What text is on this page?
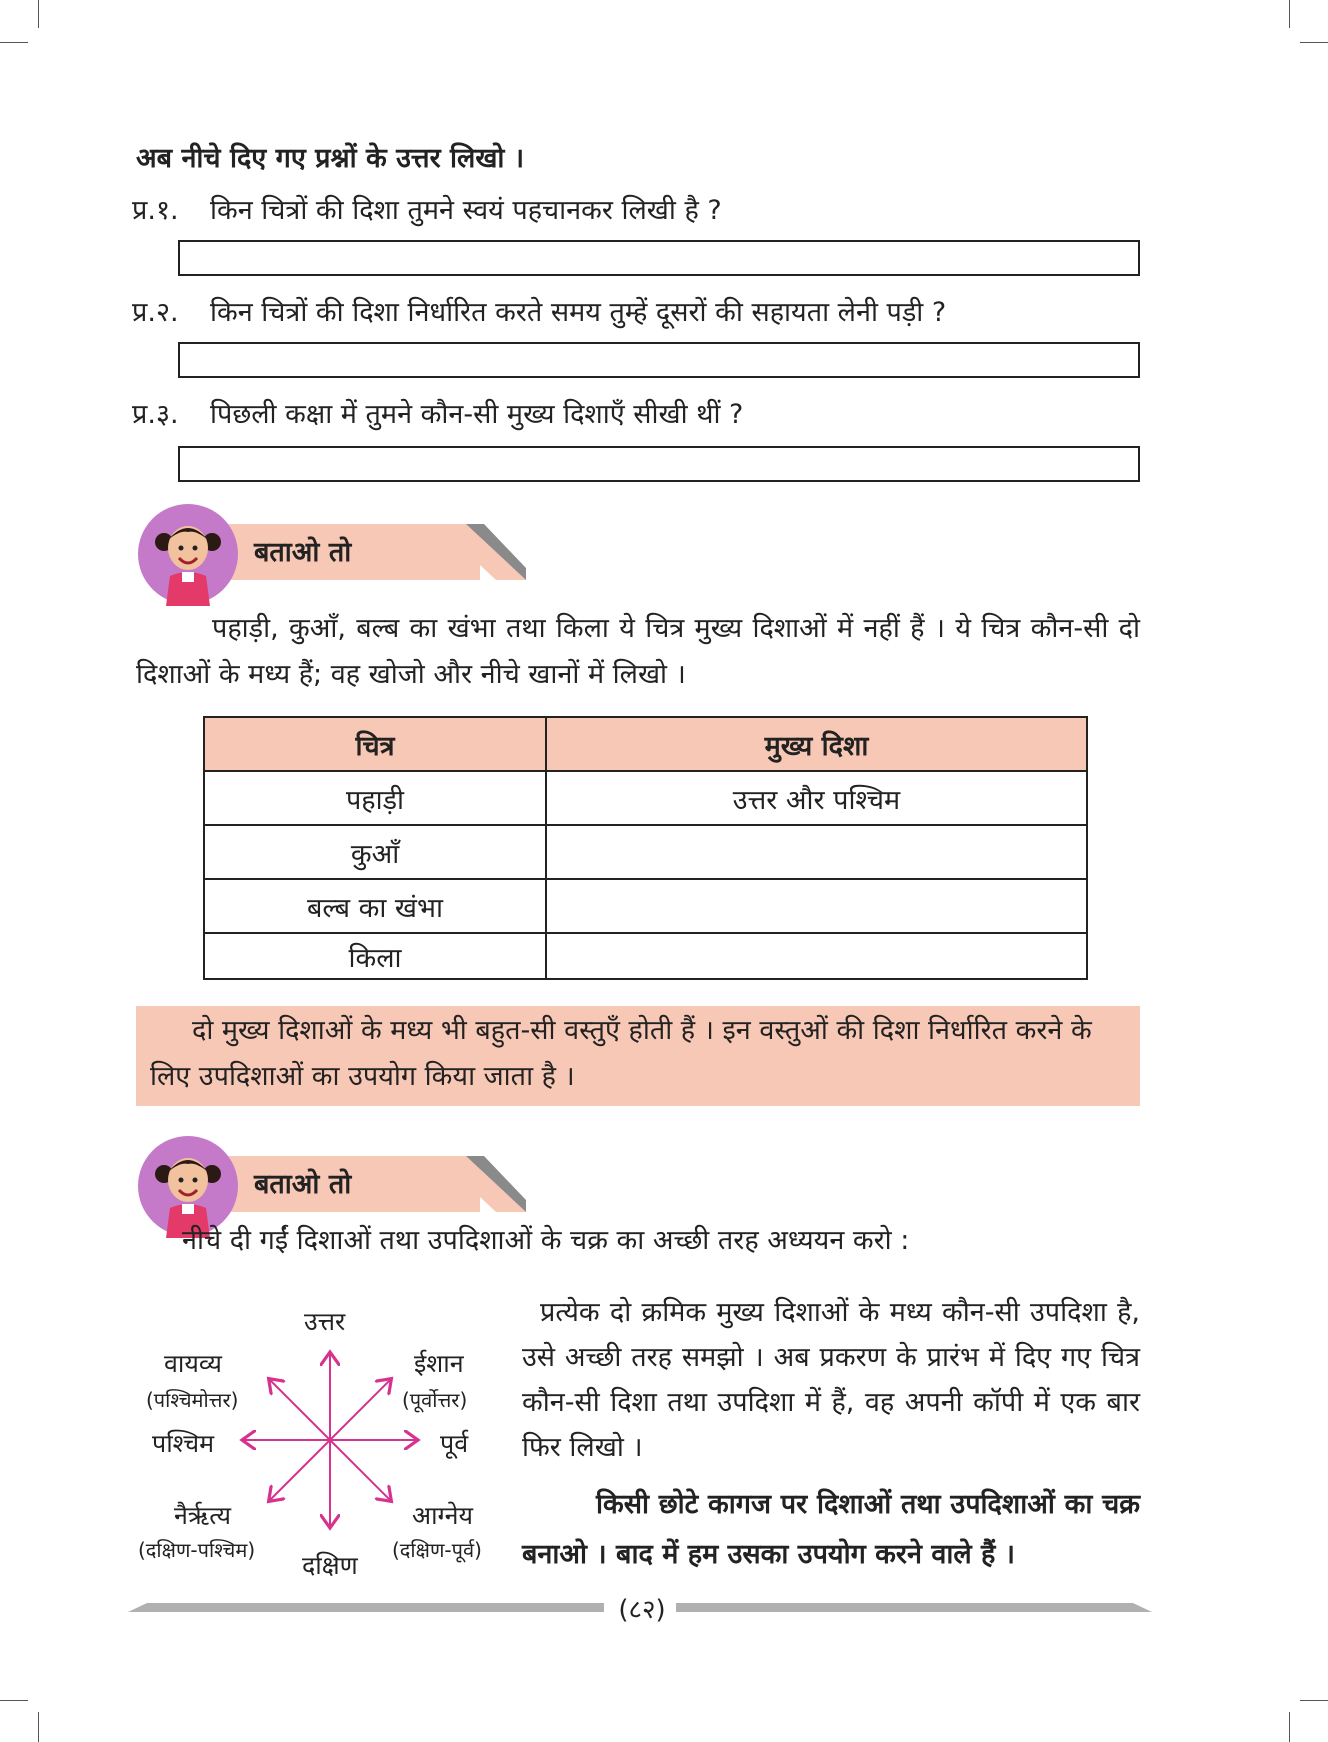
अब नीचे दिए गए प्रश्नों के उत्तर लिखो ।
प्र.१. किन चित्रों की दिशा तुमने स्वयं पहचानकर लिखी है ?
प्र.२. किन चित्रों की दिशा निर्धारित करते समय तुम्हें दूसरों की सहायता लेनी पड़ी ?
प्र.३. पिछली कक्षा में तुमने कौन-सी मुख्य दिशाएँ सीखी थीं ?
बताओ तो
पहाड़ी, कुआँ, बल्ब का खंभा तथा किला ये चित्र मुख्य दिशाओं में नहीं हैं । ये चित्र कौन-सी दो दिशाओं के मध्य हैं; वह खोजो और नीचे खानों में लिखो ।
चित्र	मुख्य दिशा
पहाड़ी	उत्तर और पश्चिम
कुआँ	
बल्ब का खंभा	
किला	

दो मुख्य दिशाओं के मध्य भी बहुत-सी वस्तुएँ होती हैं । इन वस्तुओं की दिशा निर्धारित करने के लिए उपदिशाओं का उपयोग किया जाता है ।

बताओ तो
नीचे दी गईं दिशाओं तथा उपदिशाओं के चक्र का अच्छी तरह अध्ययन करो :
उत्तर
दक्षिण
पूर्व
पश्चिम
वायव्य
(पश्चिमोत्तर)
ईशान
(पूर्वोत्तर)
नैर्ऋत्य
(दक्षिण-पश्चिम)
आग्नेय
(दक्षिण-पूर्व)
प्रत्येक दो क्रमिक मुख्य दिशाओं के मध्य कौन-सी उपदिशा है, उसे अच्छी तरह समझो । अब प्रकरण के प्रारंभ में दिए गए चित्र कौन-सी दिशा तथा उपदिशा में हैं, वह अपनी कॉपी में एक बार फिर लिखो ।
किसी छोटे कागज पर दिशाओं तथा उपदिशाओं का चक्र बनाओ । बाद में हम उसका उपयोग करने वाले हैं ।
(८२)
